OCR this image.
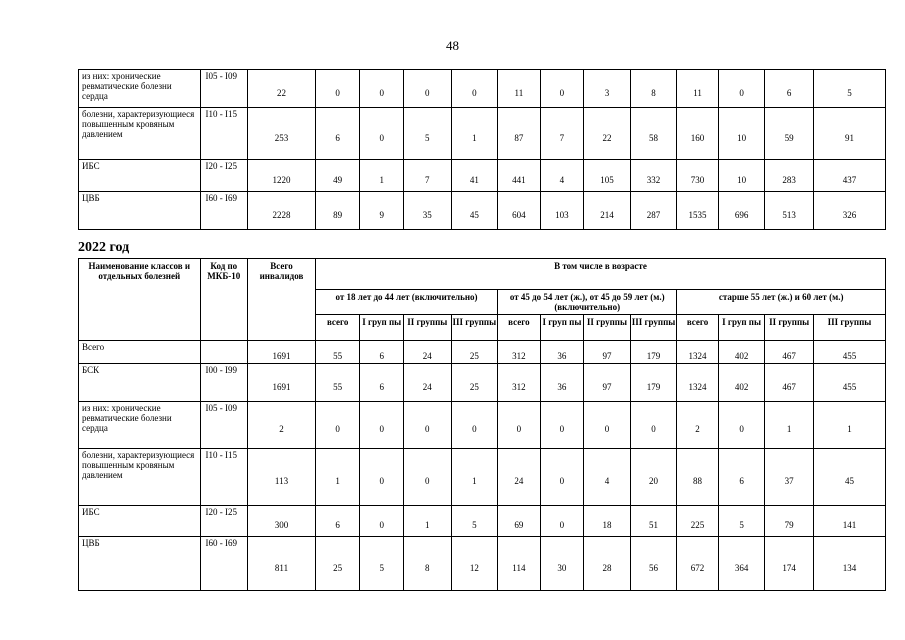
48
из них: хронические ревматические болезни сердца	I05 - I09	22	0	0	0	0	11	0	3	8	11	0	6	5
болезни, характеризующиеся повышенным кровяным давлением	I10 - I15	253	6	0	5	1	87	7	22	58	160	10	59	91
ИБС	I20 - I25	1220	49	1	7	41	441	4	105	332	730	10	283	437
ЦВБ	I60 - I69	2228	89	9	35	45	604	103	214	287	1535	696	513	326
2022 год
Наименование классов и отдельных болезней	Код по МКБ-10	Всего инвалидов	В том числе в возрасте											
			от 18 лет до 44 лет (включительно)				от 45 до 54 лет (ж.), от 45 до 59 лет (м.) (включительно)				старше 55 лет (ж.) и 60 лет (м.)			
			всего	I груп пы	II группы	III группы	всего	I груп пы	II группы	III группы	всего	I груп пы	II группы	III группы
Всего		1691	55	6	24	25	312	36	97	179	1324	402	467	455
БСК	I00 - I99	1691	55	6	24	25	312	36	97	179	1324	402	467	455
из них: хронические ревматические болезни сердца	I05 - I09	2	0	0	0	0	0	0	0	0	2	0	1	1
болезни, характеризующиеся повышенным кровяным давлением	I10 - I15	113	1	0	0	1	24	0	4	20	88	6	37	45
ИБС	I20 - I25	300	6	0	1	5	69	0	18	51	225	5	79	141
ЦВБ	I60 - I69	811	25	5	8	12	114	30	28	56	672	364	174	134
